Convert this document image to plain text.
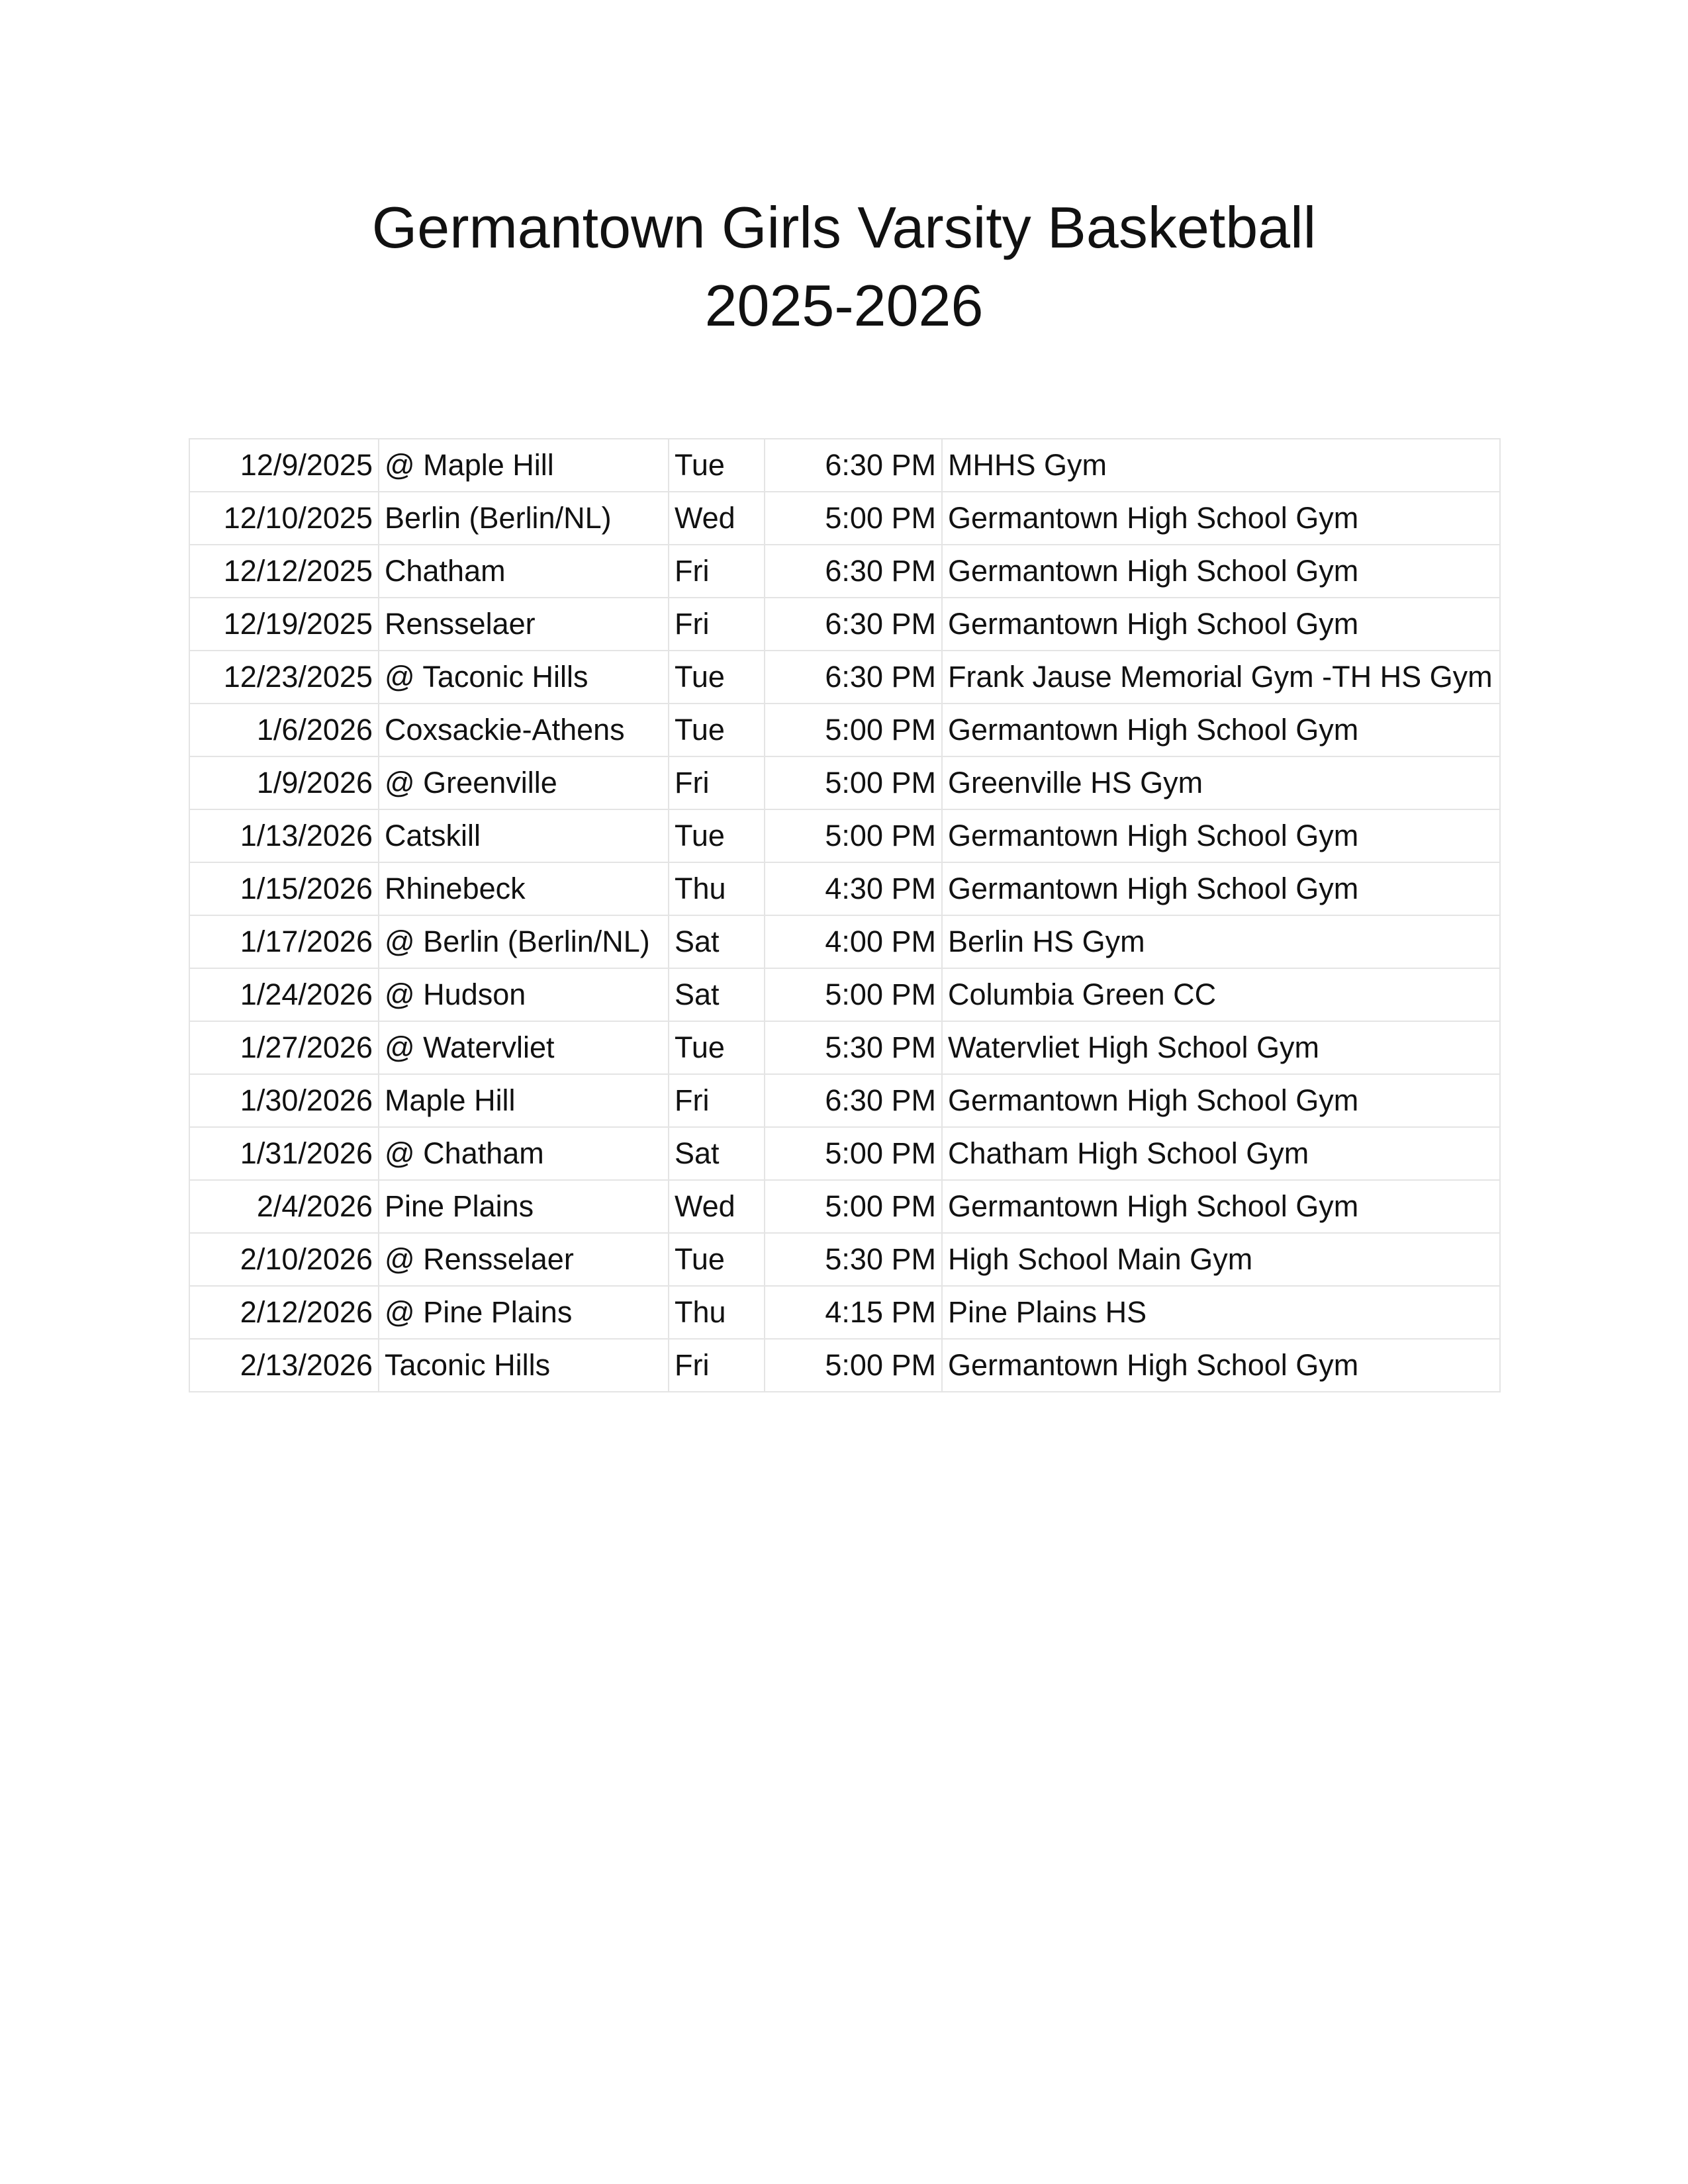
Germantown Girls Varsity Basketball
2025-2026
12/9/2025	@ Maple Hill	Tue	6:30 PM	MHHS Gym
12/10/2025	Berlin (Berlin/NL)	Wed	5:00 PM	Germantown High School Gym
12/12/2025	Chatham	Fri	6:30 PM	Germantown High School Gym
12/19/2025	Rensselaer	Fri	6:30 PM	Germantown High School Gym
12/23/2025	@ Taconic Hills	Tue	6:30 PM	Frank Jause Memorial Gym -TH HS Gym
1/6/2026	Coxsackie-Athens	Tue	5:00 PM	Germantown High School Gym
1/9/2026	@ Greenville	Fri	5:00 PM	Greenville HS Gym
1/13/2026	Catskill	Tue	5:00 PM	Germantown High School Gym
1/15/2026	Rhinebeck	Thu	4:30 PM	Germantown High School Gym
1/17/2026	@ Berlin (Berlin/NL)	Sat	4:00 PM	Berlin HS Gym
1/24/2026	@ Hudson	Sat	5:00 PM	Columbia Green CC
1/27/2026	@ Watervliet	Tue	5:30 PM	Watervliet High School Gym
1/30/2026	Maple Hill	Fri	6:30 PM	Germantown High School Gym
1/31/2026	@ Chatham	Sat	5:00 PM	Chatham High School Gym
2/4/2026	Pine Plains	Wed	5:00 PM	Germantown High School Gym
2/10/2026	@ Rensselaer	Tue	5:30 PM	High School Main Gym
2/12/2026	@ Pine Plains	Thu	4:15 PM	Pine Plains HS
2/13/2026	Taconic Hills	Fri	5:00 PM	Germantown High School Gym
